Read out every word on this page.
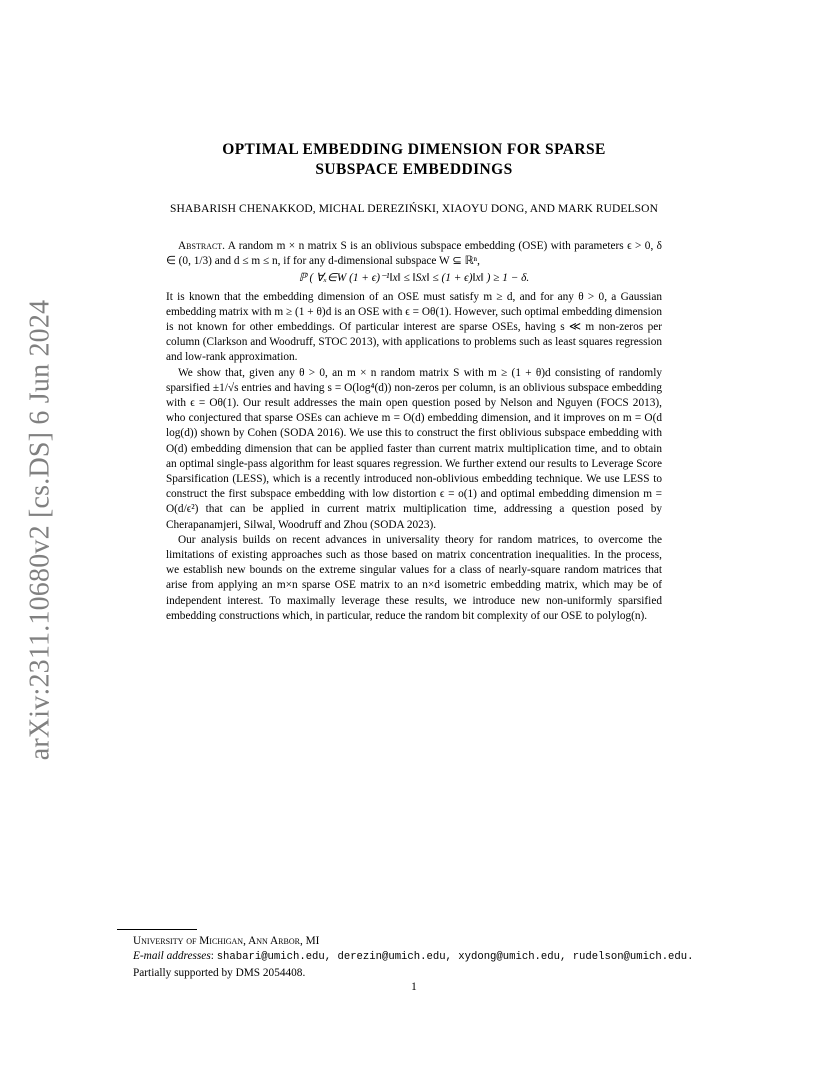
arXiv:2311.10680v2 [cs.DS] 6 Jun 2024
OPTIMAL EMBEDDING DIMENSION FOR SPARSE
SUBSPACE EMBEDDINGS
SHABARISH CHENAKKOD, MICHAL DEREZIŃSKI, XIAOYU DONG, AND MARK RUDELSON

Abstract. A random m × n matrix S is an oblivious subspace embedding (OSE) with parameters ϵ > 0, δ ∈ (0, 1/3) and d ≤ m ≤ n, if for any d-dimensional subspace W ⊆ ℝⁿ,

ℙ ( ∀ₓ∈W (1 + ϵ)⁻¹‖x‖ ≤ ‖Sx‖ ≤ (1 + ϵ)‖x‖ ) ≥ 1 − δ.

It is known that the embedding dimension of an OSE must satisfy m ≥ d, and for any θ > 0, a Gaussian embedding matrix with m ≥ (1 + θ)d is an OSE with ϵ = Oθ(1). However, such optimal embedding dimension is not known for other embeddings. Of particular interest are sparse OSEs, having s ≪ m non-zeros per column (Clarkson and Woodruff, STOC 2013), with applications to problems such as least squares regression and low-rank approximation.

We show that, given any θ > 0, an m × n random matrix S with m ≥ (1 + θ)d consisting of randomly sparsified ±1/√s entries and having s = O(log⁴(d)) non-zeros per column, is an oblivious subspace embedding with ϵ = Oθ(1). Our result addresses the main open question posed by Nelson and Nguyen (FOCS 2013), who conjectured that sparse OSEs can achieve m = O(d) embedding dimension, and it improves on m = O(d log(d)) shown by Cohen (SODA 2016). We use this to construct the first oblivious subspace embedding with O(d) embedding dimension that can be applied faster than current matrix multiplication time, and to obtain an optimal single-pass algorithm for least squares regression. We further extend our results to Leverage Score Sparsification (LESS), which is a recently introduced non-oblivious embedding technique. We use LESS to construct the first subspace embedding with low distortion ϵ = o(1) and optimal embedding dimension m = O(d/ϵ²) that can be applied in current matrix multiplication time, addressing a question posed by Cherapanamjeri, Silwal, Woodruff and Zhou (SODA 2023).

Our analysis builds on recent advances in universality theory for random matrices, to overcome the limitations of existing approaches such as those based on matrix concentration inequalities. In the process, we establish new bounds on the extreme singular values for a class of nearly-square random matrices that arise from applying an m×n sparse OSE matrix to an n×d isometric embedding matrix, which may be of independent interest. To maximally leverage these results, we introduce new non-uniformly sparsified embedding constructions which, in particular, reduce the random bit complexity of our OSE to polylog(n).

University of Michigan, Ann Arbor, MI
E-mail addresses: shabari@umich.edu, derezin@umich.edu, xydong@umich.edu, rudelson@umich.edu.
Partially supported by DMS 2054408.
1
